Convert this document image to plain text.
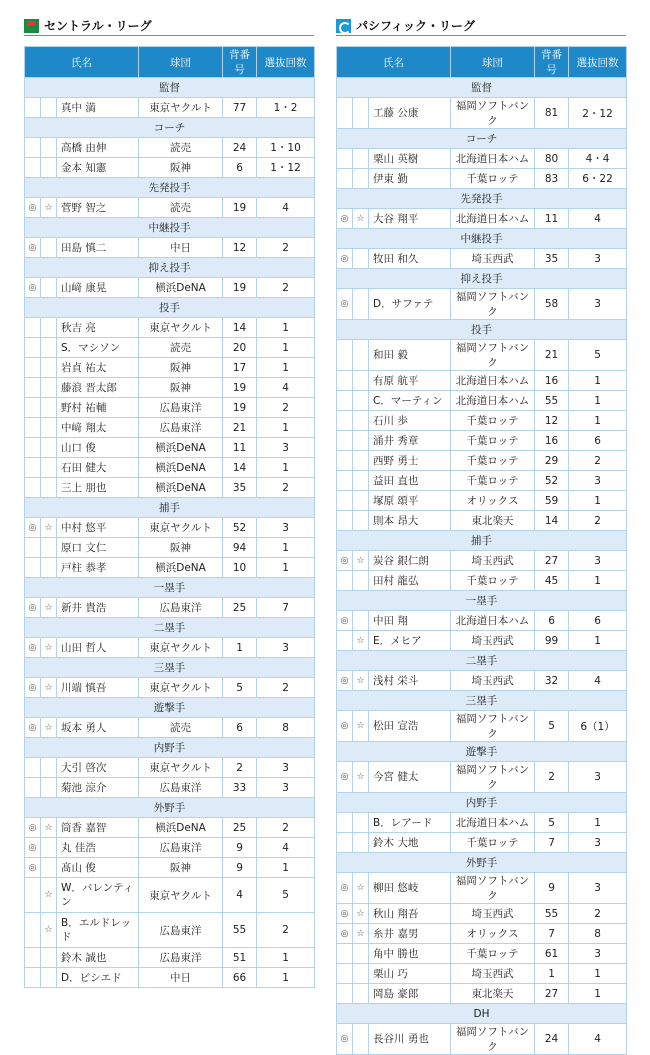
セントラル・リーグ
氏名			球団	背番号	選抜回数
監督					
		真中 満	東京ヤクルト	77	1・2
コーチ					
		高橋 由伸	読売	24	1・10
		金本 知憲	阪神	6	1・12
先発投手					
◎	☆	菅野 智之	読売	19	4
中継投手					
◎		田島 慎二	中日	12	2
抑え投手					
◎		山﨑 康晃	横浜DeNA	19	2
投手					
		秋吉 亮	東京ヤクルト	14	1
		S．マシソン	読売	20	1
		岩貞 祐太	阪神	17	1
		藤浪 晋太郎	阪神	19	4
		野村 祐輔	広島東洋	19	2
		中﨑 翔太	広島東洋	21	1
		山口 俊	横浜DeNA	11	3
		石田 健大	横浜DeNA	14	1
		三上 朋也	横浜DeNA	35	2
捕手					
◎	☆	中村 悠平	東京ヤクルト	52	3
		原口 文仁	阪神	94	1
		戸柱 恭孝	横浜DeNA	10	1
一塁手					
◎	☆	新井 貴浩	広島東洋	25	7
二塁手					
◎	☆	山田 哲人	東京ヤクルト	1	3
三塁手					
◎	☆	川端 慎吾	東京ヤクルト	5	2
遊撃手					
◎	☆	坂本 勇人	読売	6	8
内野手					
		大引 啓次	東京ヤクルト	2	3
		菊池 涼介	広島東洋	33	3
外野手					
◎	☆	筒香 嘉智	横浜DeNA	25	2
◎		丸 佳浩	広島東洋	9	4
◎		髙山 俊	阪神	9	1
	☆	W．バレンティン	東京ヤクルト	4	5
	☆	B．エルドレッド	広島東洋	55	2
		鈴木 誠也	広島東洋	51	1
		D．ビシエド	中日	66	1
パシフィック・リーグ
氏名			球団	背番号	選抜回数
監督					
		工藤 公康	福岡ソフトバンク	81	2・12
コーチ					
		栗山 英樹	北海道日本ハム	80	4・4
		伊東 勤	千葉ロッテ	83	6・22
先発投手					
◎	☆	大谷 翔平	北海道日本ハム	11	4
中継投手					
◎		牧田 和久	埼玉西武	35	3
抑え投手					
◎		D．サファテ	福岡ソフトバンク	58	3
投手					
		和田 毅	福岡ソフトバンク	21	5
		有原 航平	北海道日本ハム	16	1
		C．マーティン	北海道日本ハム	55	1
		石川 歩	千葉ロッテ	12	1
		涌井 秀章	千葉ロッテ	16	6
		西野 勇士	千葉ロッテ	29	2
		益田 直也	千葉ロッテ	52	3
		塚原 頌平	オリックス	59	1
		則本 昂大	東北楽天	14	2
捕手					
◎	☆	炭谷 銀仁朗	埼玉西武	27	3
		田村 龍弘	千葉ロッテ	45	1
一塁手					
◎		中田 翔	北海道日本ハム	6	6
	☆	E．メヒア	埼玉西武	99	1
二塁手					
◎	☆	浅村 栄斗	埼玉西武	32	4
三塁手					
◎	☆	松田 宣浩	福岡ソフトバンク	5	6（1）
遊撃手					
◎	☆	今宮 健太	福岡ソフトバンク	2	3
内野手					
		B．レアード	北海道日本ハム	5	1
		鈴木 大地	千葉ロッテ	7	3
外野手					
◎	☆	柳田 悠岐	福岡ソフトバンク	9	3
◎	☆	秋山 翔吾	埼玉西武	55	2
◎	☆	糸井 嘉男	オリックス	7	8
		角中 勝也	千葉ロッテ	61	3
		栗山 巧	埼玉西武	1	1
		岡島 豪郎	東北楽天	27	1
DH					
◎		長谷川 勇也	福岡ソフトバンク	24	4
